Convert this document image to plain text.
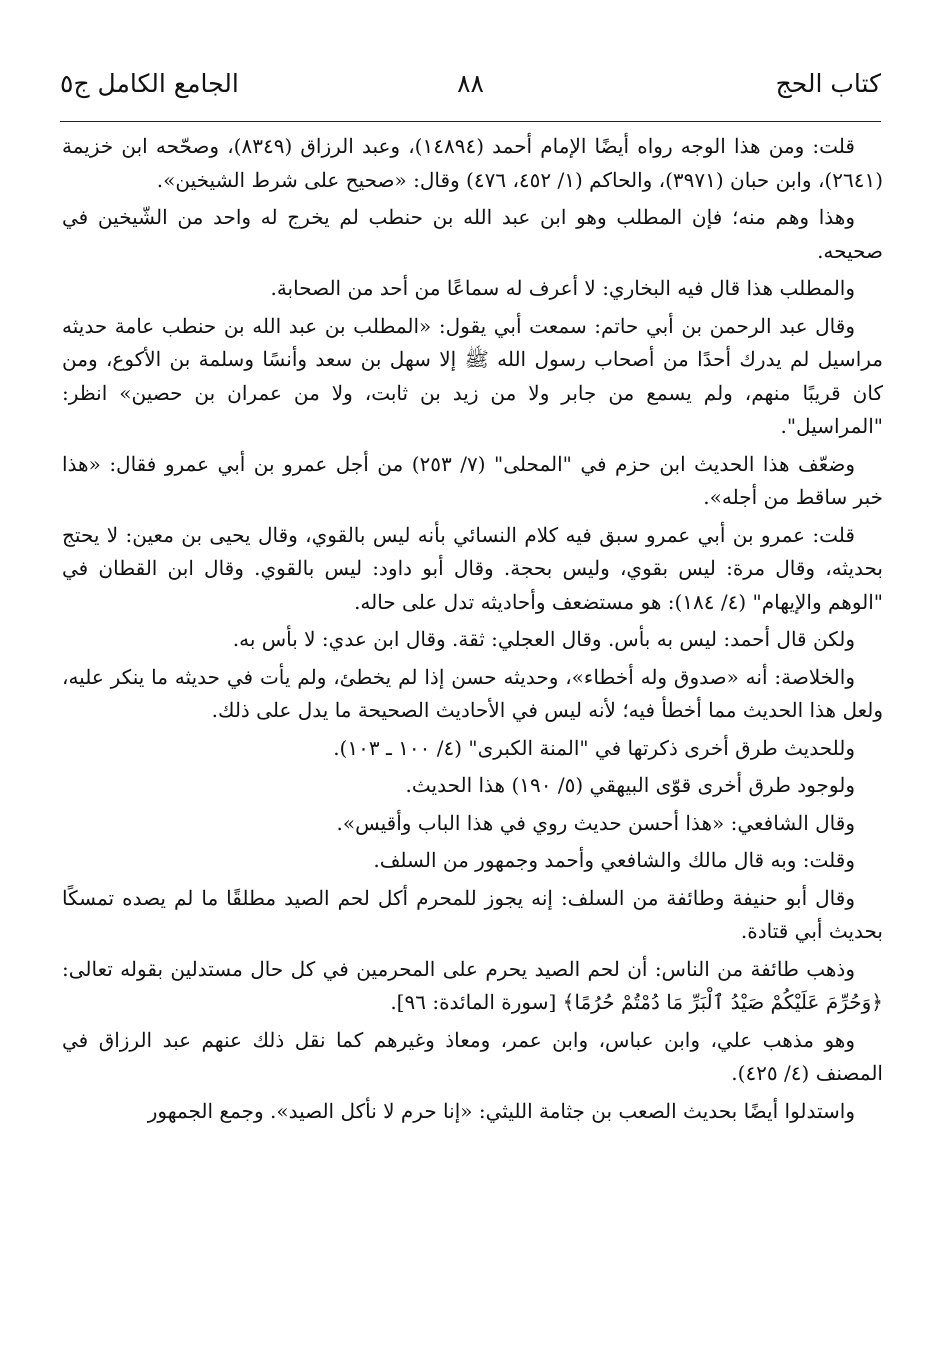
كتاب الحج
٨٨
الجامع الكامل ج٥

قلت: ومن هذا الوجه رواه أيضًا الإمام أحمد (١٤٨٩٤)، وعبد الرزاق (٨٣٤٩)، وصحّحه ابن خزيمة (٢٦٤١)، وابن حبان (٣٩٧١)، والحاكم (١/ ٤٥٢، ٤٧٦) وقال: «صحيح على شرط الشيخين».

وهذا وهم منه؛ فإن المطلب وهو ابن عبد الله بن حنطب لم يخرج له واحد من الشّيخين في صحيحه.

والمطلب هذا قال فيه البخاري: لا أعرف له سماعًا من أحد من الصحابة.

وقال عبد الرحمن بن أبي حاتم: سمعت أبي يقول: «المطلب بن عبد الله بن حنطب عامة حديثه مراسيل لم يدرك أحدًا من أصحاب رسول الله ﷺ إلا سهل بن سعد وأنسًا وسلمة بن الأكوع، ومن كان قريبًا منهم، ولم يسمع من جابر ولا من زيد بن ثابت، ولا من عمران بن حصين» انظر: "المراسيل".

وضعّف هذا الحديث ابن حزم في "المحلى" (٧/ ٢٥٣) من أجل عمرو بن أبي عمرو فقال: «هذا خبر ساقط من أجله».

قلت: عمرو بن أبي عمرو سبق فيه كلام النسائي بأنه ليس بالقوي، وقال يحيى بن معين: لا يحتج بحديثه، وقال مرة: ليس بقوي، وليس بحجة. وقال أبو داود: ليس بالقوي. وقال ابن القطان في "الوهم والإيهام" (٤/ ١٨٤): هو مستضعف وأحاديثه تدل على حاله.

ولكن قال أحمد: ليس به بأس. وقال العجلي: ثقة. وقال ابن عدي: لا بأس به.

والخلاصة: أنه «صدوق وله أخطاء»، وحديثه حسن إذا لم يخطئ، ولم يأت في حديثه ما ينكر عليه، ولعل هذا الحديث مما أخطأ فيه؛ لأنه ليس في الأحاديث الصحيحة ما يدل على ذلك.

وللحديث طرق أخرى ذكرتها في "المنة الكبرى" (٤/ ١٠٠ ـ ١٠٣).

ولوجود طرق أخرى قوّى البيهقي (٥/ ١٩٠) هذا الحديث.

وقال الشافعي: «هذا أحسن حديث روي في هذا الباب وأقيس».

وقلت: وبه قال مالك والشافعي وأحمد وجمهور من السلف.

وقال أبو حنيفة وطائفة من السلف: إنه يجوز للمحرم أكل لحم الصيد مطلقًا ما لم يصده تمسكًا بحديث أبي قتادة.

وذهب طائفة من الناس: أن لحم الصيد يحرم على المحرمين في كل حال مستدلين بقوله تعالى: ﴿وَحُرِّمَ عَلَيْكُمْ صَيْدُ ٱلْبَرِّ مَا دُمْتُمْ حُرُمًا﴾ [سورة المائدة: ٩٦].

وهو مذهب علي، وابن عباس، وابن عمر، ومعاذ وغيرهم كما نقل ذلك عنهم عبد الرزاق في المصنف (٤/ ٤٢٥).

واستدلوا أيضًا بحديث الصعب بن جثامة الليثي: «إنا حرم لا نأكل الصيد». وجمع الجمهور
